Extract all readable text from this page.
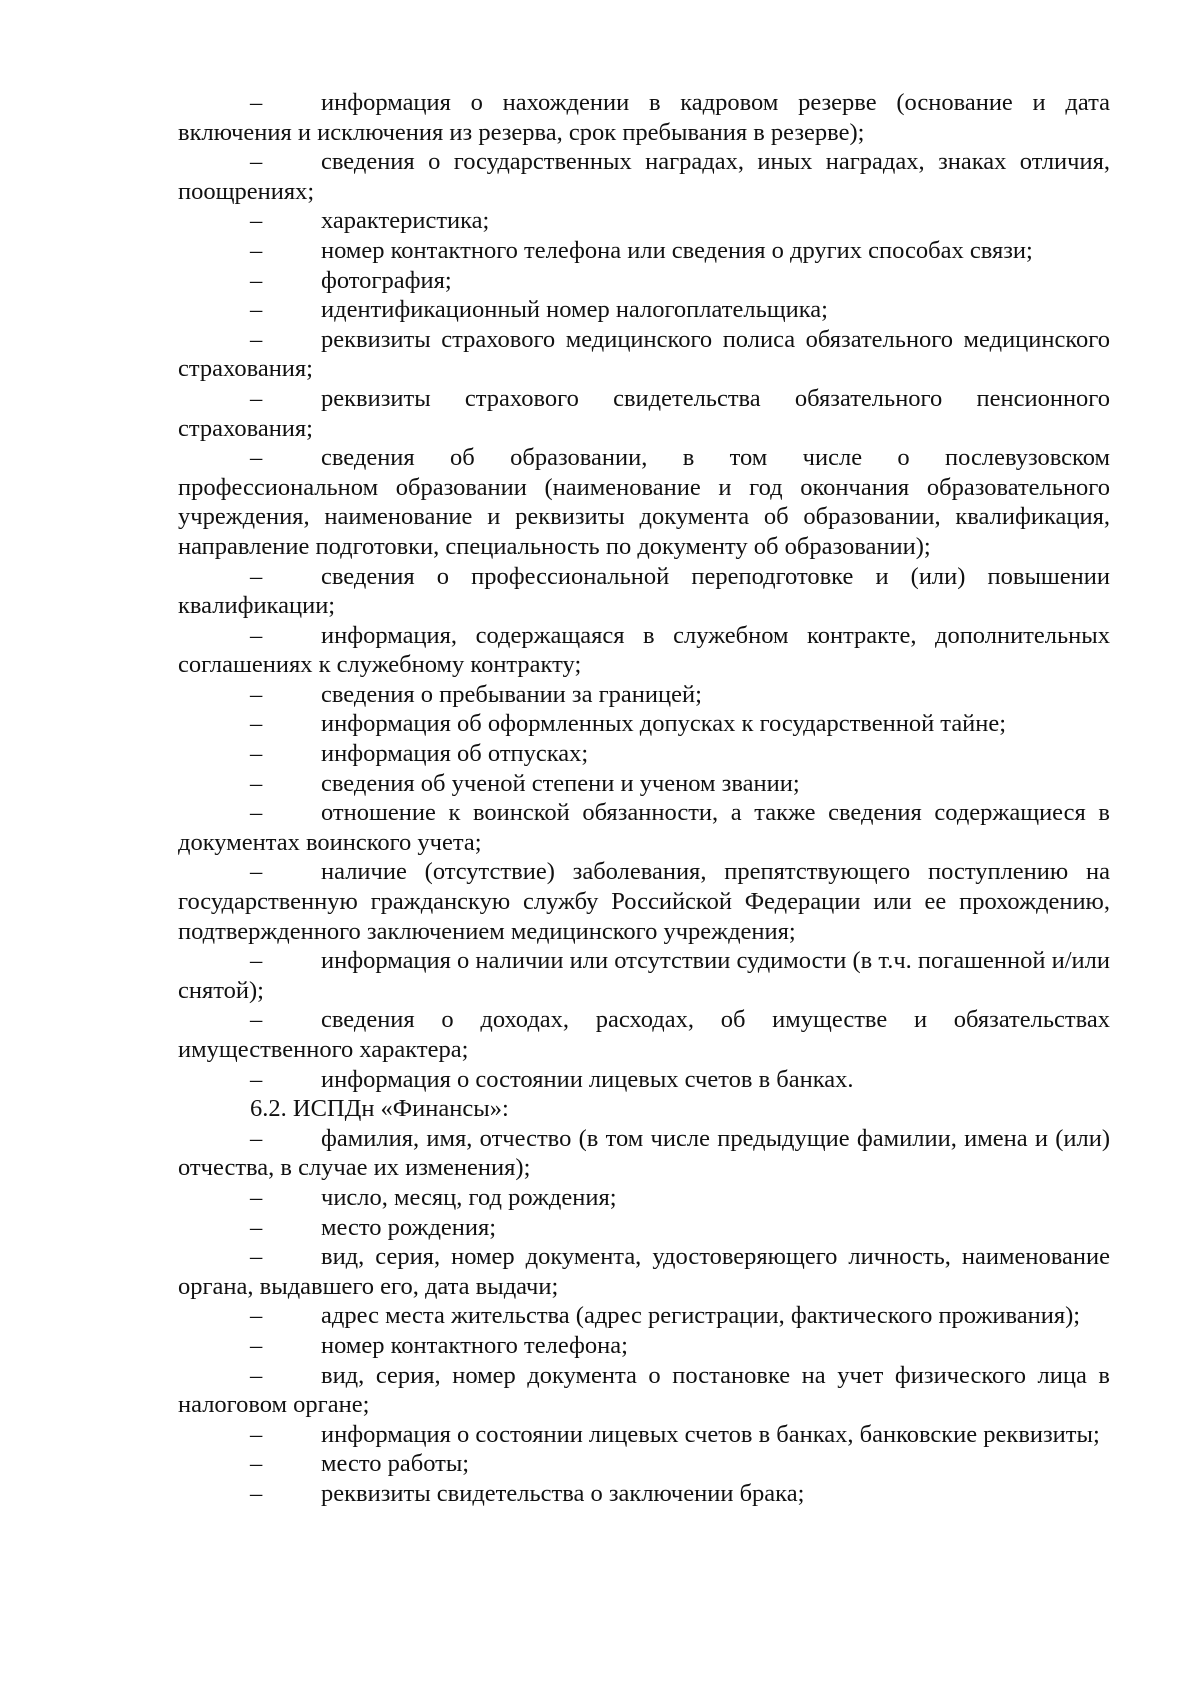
– информация о нахождении в кадровом резерве (основание и дата включения и исключения из резерва, срок пребывания в резерве);
– сведения о государственных наградах, иных наградах, знаках отличия, поощрениях;
– характеристика;
– номер контактного телефона или сведения о других способах связи;
– фотография;
– идентификационный номер налогоплательщика;
– реквизиты страхового медицинского полиса обязательного медицинского страхования;
– реквизиты страхового свидетельства обязательного пенсионного страхования;
– сведения об образовании, в том числе о послевузовском профессиональном образовании (наименование и год окончания образовательного учреждения, наименование и реквизиты документа об образовании, квалификация, направление подготовки, специальность по документу об образовании);
– сведения о профессиональной переподготовке и (или) повышении квалификации;
– информация, содержащаяся в служебном контракте, дополнительных соглашениях к служебному контракту;
– сведения о пребывании за границей;
– информация об оформленных допусках к государственной тайне;
– информация об отпусках;
– сведения об ученой степени и ученом звании;
– отношение к воинской обязанности, а также сведения содержащиеся в документах воинского учета;
– наличие (отсутствие) заболевания, препятствующего поступлению на государственную гражданскую службу Российской Федерации или ее прохождению, подтвержденного заключением медицинского учреждения;
– информация о наличии или отсутствии судимости (в т.ч. погашенной и/или снятой);
– сведения о доходах, расходах, об имуществе и обязательствах имущественного характера;
– информация о состоянии лицевых счетов в банках.
6.2. ИСПДн «Финансы»:
– фамилия, имя, отчество (в том числе предыдущие фамилии, имена и (или) отчества, в случае их изменения);
– число, месяц, год рождения;
– место рождения;
– вид, серия, номер документа, удостоверяющего личность, наименование органа, выдавшего его, дата выдачи;
– адрес места жительства (адрес регистрации, фактического проживания);
– номер контактного телефона;
– вид, серия, номер документа о постановке на учет физического лица в налоговом органе;
– информация о состоянии лицевых счетов в банках, банковские реквизиты;
– место работы;
– реквизиты свидетельства о заключении брака;
